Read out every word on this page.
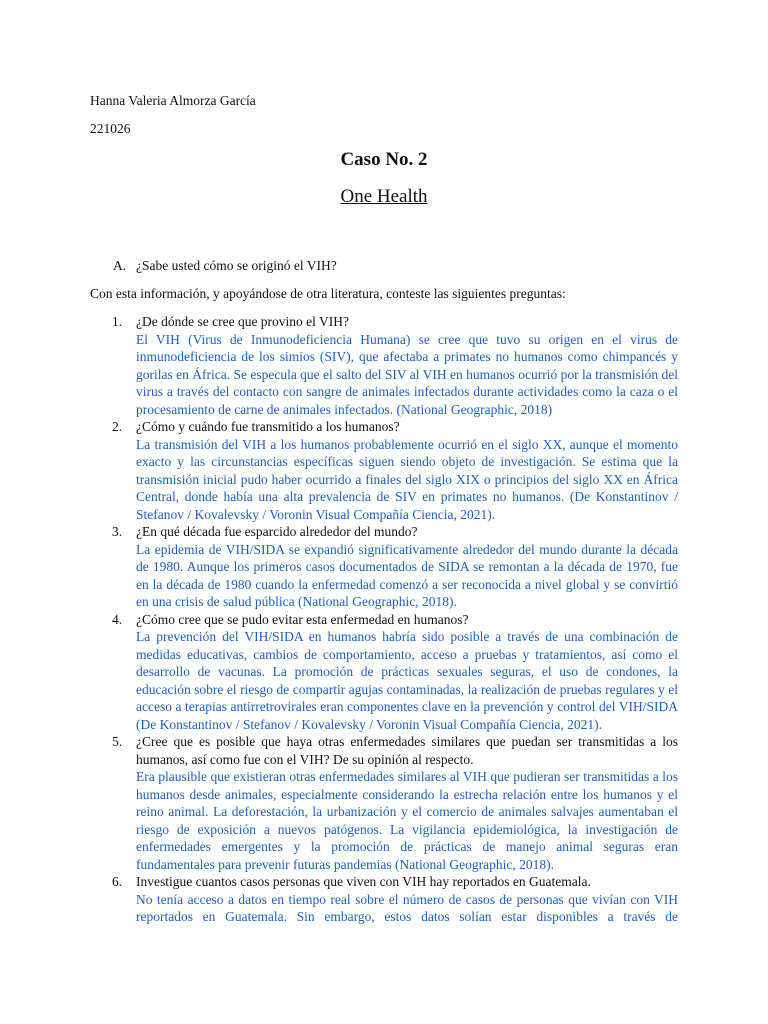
Hanna Valeria Almorza García
221026
Caso No. 2
One Health
A. ¿Sabe usted cómo se originó el VIH?
Con esta información, y apoyándose de otra literatura, conteste las siguientes preguntas:
1. ¿De dónde se cree que provino el VIH?
El VIH (Virus de Inmunodeficiencia Humana) se cree que tuvo su origen en el virus de inmunodeficiencia de los simios (SIV), que afectaba a primates no humanos como chimpancés y gorilas en África. Se especula que el salto del SIV al VIH en humanos ocurrió por la transmisión del virus a través del contacto con sangre de animales infectados durante actividades como la caza o el procesamiento de carne de animales infectados. (National Geographic, 2018)
2. ¿Cómo y cuándo fue transmitido a los humanos?
La transmisión del VIH a los humanos probablemente ocurrió en el siglo XX, aunque el momento exacto y las circunstancias específicas siguen siendo objeto de investigación. Se estima que la transmisión inicial pudo haber ocurrido a finales del siglo XIX o principios del siglo XX en África Central, donde había una alta prevalencia de SIV en primates no humanos. (De Konstantinov / Stefanov / Kovalevsky / Voronin Visual Compañía Ciencia, 2021).
3. ¿En qué década fue esparcido alrededor del mundo?
La epidemia de VIH/SIDA se expandió significativamente alrededor del mundo durante la década de 1980. Aunque los primeros casos documentados de SIDA se remontan a la década de 1970, fue en la década de 1980 cuando la enfermedad comenzó a ser reconocida a nivel global y se convirtió en una crisis de salud pública (National Geographic, 2018).
4. ¿Cómo cree que se pudo evitar esta enfermedad en humanos?
La prevención del VIH/SIDA en humanos habría sido posible a través de una combinación de medidas educativas, cambios de comportamiento, acceso a pruebas y tratamientos, así como el desarrollo de vacunas. La promoción de prácticas sexuales seguras, el uso de condones, la educación sobre el riesgo de compartir agujas contaminadas, la realización de pruebas regulares y el acceso a terapias antirretrovirales eran componentes clave en la prevención y control del VIH/SIDA (De Konstantinov / Stefanov / Kovalevsky / Voronin Visual Compañía Ciencia, 2021).
5. ¿Cree que es posible que haya otras enfermedades similares que puedan ser transmitidas a los humanos, así como fue con el VIH? De su opinión al respecto.
Era plausible que existieran otras enfermedades similares al VIH que pudieran ser transmitidas a los humanos desde animales, especialmente considerando la estrecha relación entre los humanos y el reino animal. La deforestación, la urbanización y el comercio de animales salvajes aumentaban el riesgo de exposición a nuevos patógenos. La vigilancia epidemiológica, la investigación de enfermedades emergentes y la promoción de prácticas de manejo animal seguras eran fundamentales para prevenir futuras pandemias (National Geographic, 2018).
6. Investigue cuantos casos personas que viven con VIH hay reportados en Guatemala.
No tenía acceso a datos en tiempo real sobre el número de casos de personas que vivían con VIH reportados en Guatemala. Sin embargo, estos datos solían estar disponibles a través de
